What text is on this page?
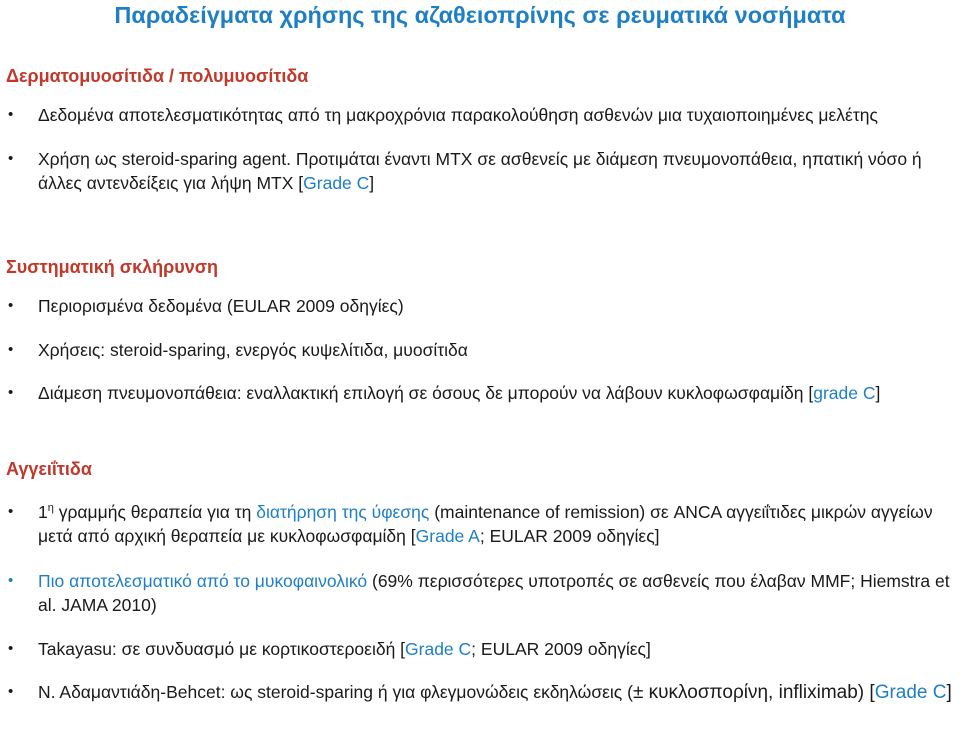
Παραδείγματα χρήσης της αζαθειοπρίνης σε ρευματικά νοσήματα
Δερματομυοσίτιδα / πολυμυοσίτιδα
•	Δεδομένα αποτελεσματικότητας από τη μακροχρόνια παρακολούθηση ασθενών μια τυχαιοποιημένες μελέτης
•	Χρήση ως steroid-sparing agent. Προτιμάται έναντι ΜΤΧ σε ασθενείς με διάμεση πνευμονοπάθεια, ηπατική νόσο ή άλλες αντενδείξεις για λήψη ΜΤΧ [Grade C]
Συστηματική σκλήρυνση
•	Περιορισμένα δεδομένα (EULAR 2009 οδηγίες)
•	Χρήσεις: steroid-sparing, ενεργός κυψελίτιδα, μυοσίτιδα
•	Διάμεση πνευμονοπάθεια: εναλλακτική επιλογή σε όσους δε μπορούν να λάβουν κυκλοφωσφαμίδη [grade C]
Αγγειΐτιδα
•	$1^\eta$ γραμμής θεραπεία για τη διατήρηση της ύφεσης (maintenance of remission) σε ANCA αγγειΐτιδες μικρών αγγείων μετά από αρχική θεραπεία με κυκλοφωσφαμίδη [Grade A; EULAR 2009 οδηγίες]
•	Πιο αποτελεσματικό από το μυκοφαινολικό (69% περισσότερες υποτροπές σε ασθενείς που έλαβαν MMF; Hiemstra et al. JAMA 2010)
•	Takayasu: σε συνδυασμό με κορτικοστεροειδή [Grade C; EULAR 2009 οδηγίες]
•	Ν. Αδαμαντιάδη-Behcet: ως steroid-sparing ή για φλεγμονώδεις εκδηλώσεις (± κυκλοσπορίνη, infliximab) [Grade C]
